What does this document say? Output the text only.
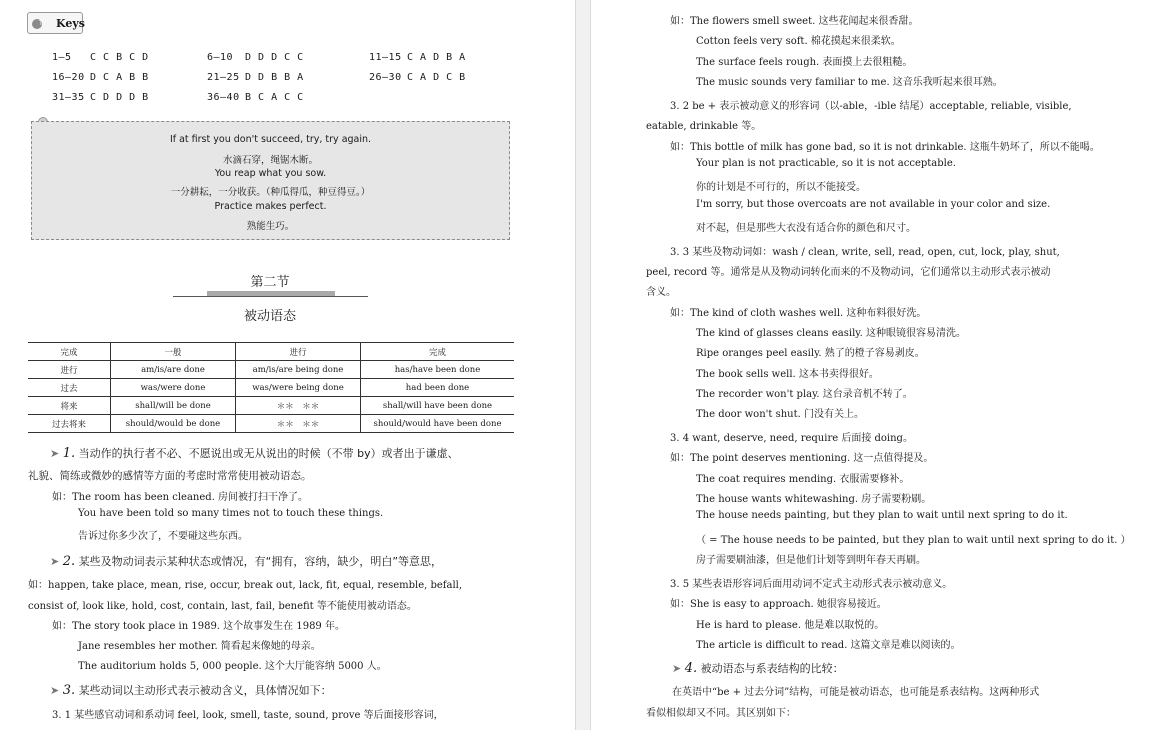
TY Keys
1—5 C C B C D	6—10 D D D C C	11—15 C A D B A
16—20 D C A B B	21—25 D D B B A	26—30 C A D C B
31—35 C D D D B	36—40 B C A C C
If at first you don't succeed, try, try again.
水滴石穿，绳锯木断。
You reap what you sow.
一分耕耘，一分收获。（种瓜得瓜，种豆得豆。）
Practice makes perfect.
熟能生巧。
第二节
被动语态
完成	一般	进行	完成
进行	am/is/are done	am/is/are being done	has/have been done
过去	was/were done	was/were being done	had been done
将来	shall/will be done	＊＊　＊＊	shall/will have been done
过去将来	should/would be done	＊＊　＊＊	should/would have been done
➤ 1. 当动作的执行者不必、不愿说出或无从说出的时候（不带 by）或者出于谦虚、
礼貌、简练或微妙的感情等方面的考虑时常常使用被动语态。
如：The room has been cleaned. 房间被打扫干净了。
You have been told so many times not to touch these things.
告诉过你多少次了，不要碰这些东西。
➤ 2. 某些及物动词表示某种状态或情况，有“拥有，容纳，缺少，明白”等意思，
如：happen, take place, mean, rise, occur, break out, lack, fit, equal, resemble, befall,
consist of, look like, hold, cost, contain, last, fail, benefit 等不能使用被动语态。
如：The story took place in 1989. 这个故事发生在 1989 年。
Jane resembles her mother. 简看起来像她的母亲。
The auditorium holds 5, 000 people. 这个大厅能容纳 5000 人。
➤ 3. 某些动词以主动形式表示被动含义，具体情况如下：
3. 1 某些感官动词和系动词 feel, look, smell, taste, sound, prove 等后面接形容词，
如：The flowers smell sweet. 这些花闻起来很香甜。
Cotton feels very soft. 棉花摸起来很柔软。
The surface feels rough. 表面摸上去很粗糙。
The music sounds very familiar to me. 这音乐我听起来很耳熟。
3. 2 be + 表示被动意义的形容词（以-able，-ible 结尾）acceptable, reliable, visible,
eatable, drinkable 等。
如：This bottle of milk has gone bad, so it is not drinkable. 这瓶牛奶坏了，所以不能喝。
Your plan is not practicable, so it is not acceptable.
你的计划是不可行的，所以不能接受。
I'm sorry, but those overcoats are not available in your color and size.
对不起，但是那些大衣没有适合你的颜色和尺寸。
3. 3 某些及物动词如：wash / clean, write, sell, read, open, cut, lock, play, shut,
peel, record 等。通常是从及物动词转化而来的不及物动词，它们通常以主动形式表示被动
含义。
如：The kind of cloth washes well. 这种布料很好洗。
The kind of glasses cleans easily. 这种眼镜很容易清洗。
Ripe oranges peel easily. 熟了的橙子容易剥皮。
The book sells well. 这本书卖得很好。
The recorder won't play. 这台录音机不转了。
The door won't shut. 门没有关上。
3. 4 want, deserve, need, require 后面接 doing。
如：The point deserves mentioning. 这一点值得提及。
The coat requires mending. 衣服需要修补。
The house wants whitewashing. 房子需要粉刷。
The house needs painting, but they plan to wait until next spring to do it.
（ = The house needs to be painted, but they plan to wait until next spring to do it. ）
房子需要刷油漆，但是他们计划等到明年春天再刷。
3. 5 某些表语形容词后面用动词不定式主动形式表示被动意义。
如：She is easy to approach. 她很容易接近。
He is hard to please. 他是难以取悦的。
The article is difficult to read. 这篇文章是难以阅读的。
➤ 4. 被动语态与系表结构的比较：
在英语中“be + 过去分词”结构，可能是被动语态，也可能是系表结构。这两种形式
看似相似却又不同。其区别如下：
